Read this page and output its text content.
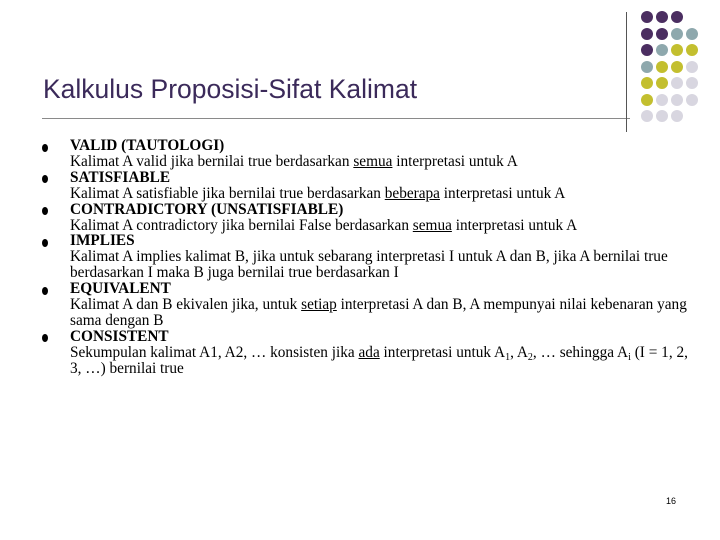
Kalkulus Proposisi-Sifat Kalimat
VALID (TAUTOLOGI)
Kalimat A valid jika bernilai true berdasarkan semua interpretasi untuk A
SATISFIABLE
Kalimat A satisfiable jika bernilai true berdasarkan beberapa interpretasi untuk A
CONTRADICTORY (UNSATISFIABLE)
Kalimat A contradictory jika bernilai False berdasarkan semua interpretasi untuk A
IMPLIES
Kalimat A implies kalimat B, jika untuk sebarang interpretasi I untuk A dan B, jika A bernilai true berdasarkan I maka B juga bernilai true berdasarkan I
EQUIVALENT
Kalimat A dan B ekivalen jika, untuk setiap interpretasi A dan B, A mempunyai nilai kebenaran yang sama dengan B
CONSISTENT
Sekumpulan kalimat A1, A2, … konsisten jika ada interpretasi untuk $A_1$, $A_2$, … sehingga $A_i$ (I = 1, 2, 3, …) bernilai true
16
